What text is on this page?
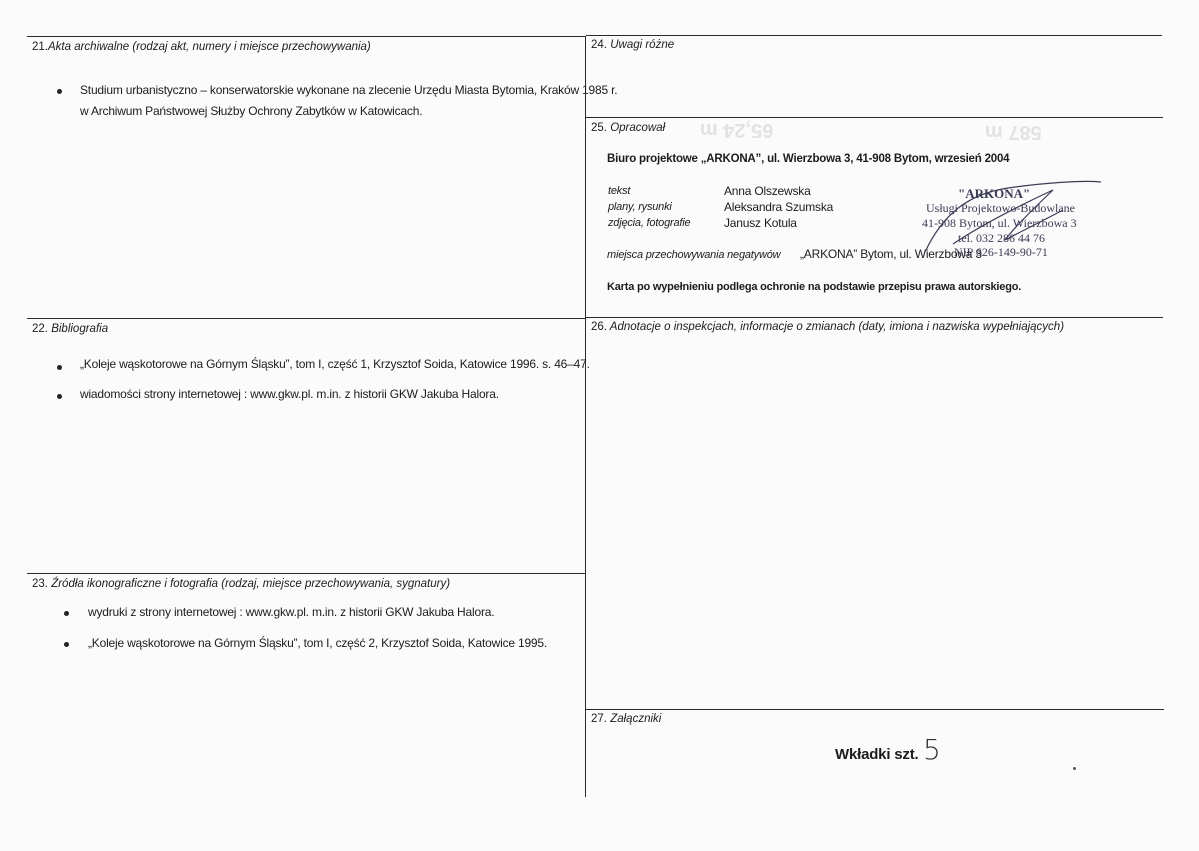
65,24 m	587 m
21.Akta archiwalne (rodzaj akt, numery i miejsce przechowywania)
Studium urbanistyczno – konserwatorskie wykonane na zlecenie Urzędu Miasta Bytomia, Kraków 1985 r.
w Archiwum Państwowej Służby Ochrony Zabytków w Katowicach.
22. Bibliografia
„Koleje wąskotorowe na Górnym Śląsku”, tom I, część 1, Krzysztof Soida, Katowice 1996. s. 46–47.
wiadomości strony internetowej : www.gkw.pl. m.in. z historii GKW Jakuba Halora.
23. Źródła ikonograficzne i fotografia (rodzaj, miejsce przechowywania, sygnatury)
wydruki z strony internetowej : www.gkw.pl. m.in. z historii GKW Jakuba Halora.
„Koleje wąskotorowe na Górnym Śląsku”, tom I, część 2, Krzysztof Soida, Katowice 1995.
24. Uwagi różne
25. Opracował
Biuro projektowe „ARKONA”, ul. Wierzbowa 3, 41-908 Bytom, wrzesień 2004
tekst	Anna Olszewska
plany, rysunki	Aleksandra Szumska
zdjęcia, fotografie	Janusz Kotula
miejsca przechowywania negatywów „ARKONA” Bytom, ul. Wierzbowa 3
Karta po wypełnieniu podlega ochronie na podstawie przepisu prawa autorskiego.
"ARKONA"
Usługi Projektowo-Budowlane
41-908 Bytom, ul. Wierzbowa 3
tel. 032 286 44 76
NIP 626-149-90-71
26. Adnotacje o inspekcjach, informacje o zmianach (daty, imiona i nazwiska wypełniających)
27. Załączniki
Wkładki szt. 5
